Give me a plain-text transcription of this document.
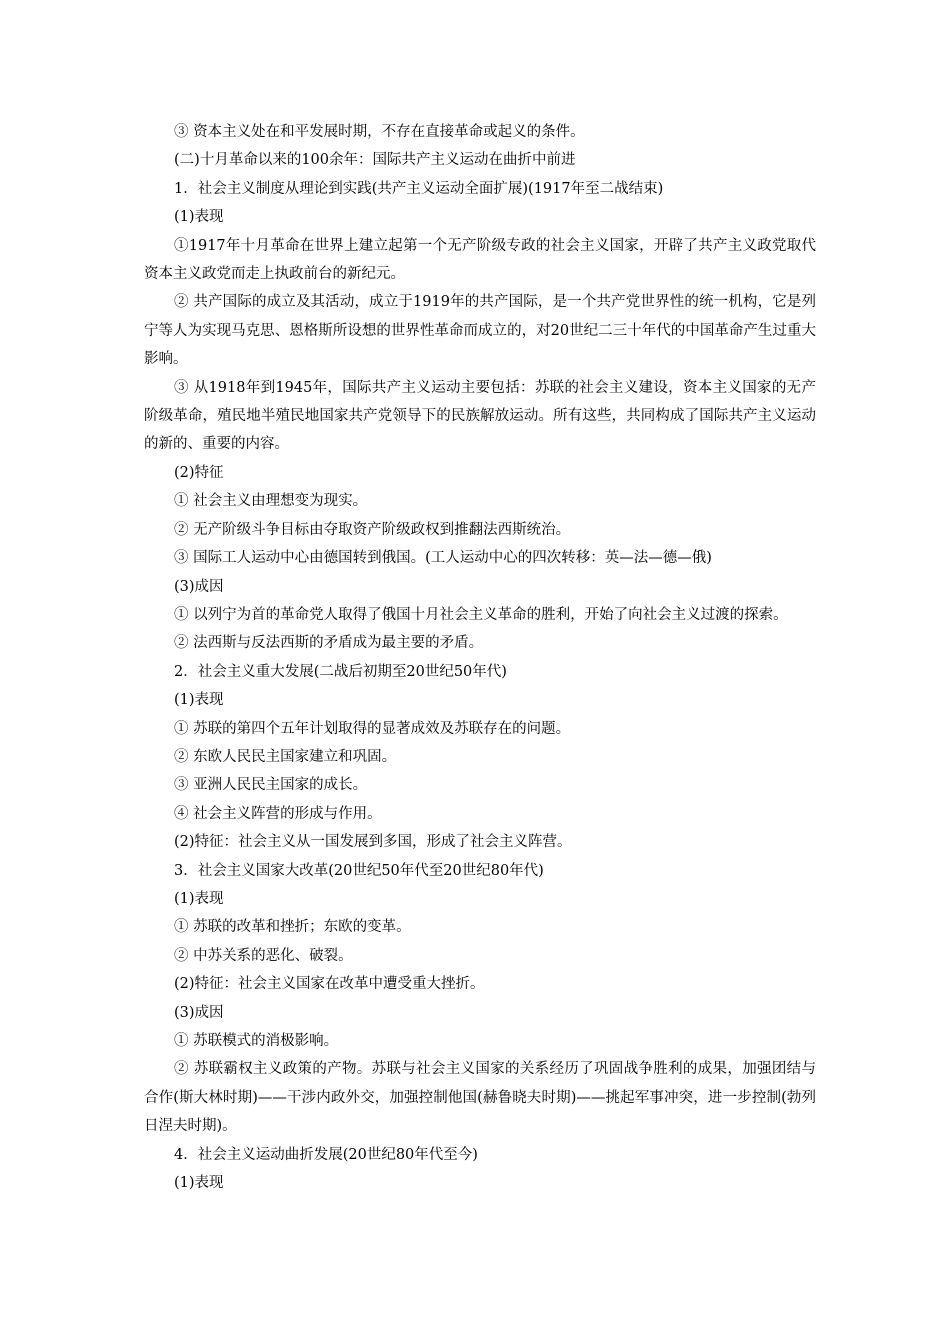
③ 资本主义处在和平发展时期，不存在直接革命或起义的条件。

(二)十月革命以来的100余年：国际共产主义运动在曲折中前进

1．社会主义制度从理论到实践(共产主义运动全面扩展)(1917年至二战结束)

(1)表现

①1917年十月革命在世界上建立起第一个无产阶级专政的社会主义国家，开辟了共产主义政党取代资本主义政党而走上执政前台的新纪元。

② 共产国际的成立及其活动，成立于1919年的共产国际，是一个共产党世界性的统一机构，它是列宁等人为实现马克思、恩格斯所设想的世界性革命而成立的，对20世纪二三十年代的中国革命产生过重大影响。

③ 从1918年到1945年，国际共产主义运动主要包括：苏联的社会主义建设，资本主义国家的无产阶级革命，殖民地半殖民地国家共产党领导下的民族解放运动。所有这些，共同构成了国际共产主义运动的新的、重要的内容。

(2)特征

① 社会主义由理想变为现实。

② 无产阶级斗争目标由夺取资产阶级政权到推翻法西斯统治。

③ 国际工人运动中心由德国转到俄国。(工人运动中心的四次转移：英—法—德—俄)

(3)成因

① 以列宁为首的革命党人取得了俄国十月社会主义革命的胜利，开始了向社会主义过渡的探索。

② 法西斯与反法西斯的矛盾成为最主要的矛盾。

2．社会主义重大发展(二战后初期至20世纪50年代)

(1)表现

① 苏联的第四个五年计划取得的显著成效及苏联存在的问题。

② 东欧人民民主国家建立和巩固。

③ 亚洲人民民主国家的成长。

④ 社会主义阵营的形成与作用。

(2)特征：社会主义从一国发展到多国，形成了社会主义阵营。

3．社会主义国家大改革(20世纪50年代至20世纪80年代)

(1)表现

① 苏联的改革和挫折；东欧的变革。

② 中苏关系的恶化、破裂。

(2)特征：社会主义国家在改革中遭受重大挫折。

(3)成因

① 苏联模式的消极影响。

② 苏联霸权主义政策的产物。苏联与社会主义国家的关系经历了巩固战争胜利的成果，加强团结与合作(斯大林时期)——干涉内政外交，加强控制他国(赫鲁晓夫时期)——挑起军事冲突，进一步控制(勃列日涅夫时期)。

4．社会主义运动曲折发展(20世纪80年代至今)

(1)表现
